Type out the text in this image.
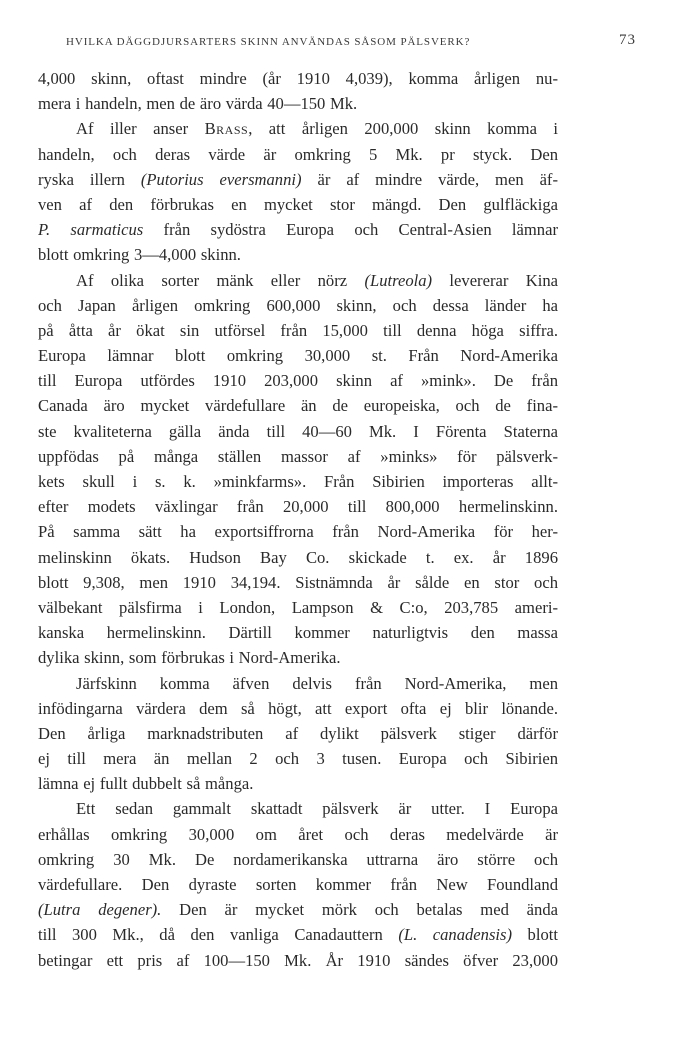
HVILKA DÄGGDJURSARTERS SKINN ANVÄNDAS SÅSOM PÄLSVERK?	73
4,000 skinn, oftast mindre (år 1910 4,039), komma årligen nu-
mera i handeln, men de äro värda 40—150 Mk.
Af iller anser Brass, att årligen 200,000 skinn komma i
handeln, och deras värde är omkring 5 Mk. pr styck. Den
ryska illern (Putorius eversmanni) är af mindre värde, men äf-
ven af den förbrukas en mycket stor mängd. Den gulfläckiga
P. sarmaticus från sydöstra Europa och Central-Asien lämnar
blott omkring 3—4,000 skinn.
Af olika sorter mänk eller nörz (Lutreola) levererar Kina
och Japan årligen omkring 600,000 skinn, och dessa länder ha
på åtta år ökat sin utförsel från 15,000 till denna höga siffra.
Europa lämnar blott omkring 30,000 st. Från Nord-Amerika
till Europa utfördes 1910 203,000 skinn af »mink». De från
Canada äro mycket värdefullare än de europeiska, och de fina-
ste kvaliteterna gälla ända till 40—60 Mk. I Förenta Staterna
uppfödas på många ställen massor af »minks» för pälsverk-
kets skull i s. k. »minkfarms». Från Sibirien importeras allt-
efter modets växlingar från 20,000 till 800,000 hermelinskinn.
På samma sätt ha exportsiffrorna från Nord-Amerika för her-
melinskinn ökats. Hudson Bay Co. skickade t. ex. år 1896
blott 9,308, men 1910 34,194. Sistnämnda år sålde en stor och
välbekant pälsfirma i London, Lampson & C:o, 203,785 ameri-
kanska hermelinskinn. Därtill kommer naturligtvis den massa
dylika skinn, som förbrukas i Nord-Amerika.
Järfskinn komma äfven delvis från Nord-Amerika, men
infödingarna värdera dem så högt, att export ofta ej blir lönande.
Den årliga marknadstributen af dylikt pälsverk stiger därför
ej till mera än mellan 2 och 3 tusen. Europa och Sibirien
lämna ej fullt dubbelt så många.
Ett sedan gammalt skattadt pälsverk är utter. I Europa
erhållas omkring 30,000 om året och deras medelvärde är
omkring 30 Mk. De nordamerikanska uttrarna äro större och
värdefullare. Den dyraste sorten kommer från New Foundland
(Lutra degener). Den är mycket mörk och betalas med ända
till 300 Mk., då den vanliga Canadauttern (L. canadensis) blott
betingar ett pris af 100—150 Mk. År 1910 sändes öfver 23,000
